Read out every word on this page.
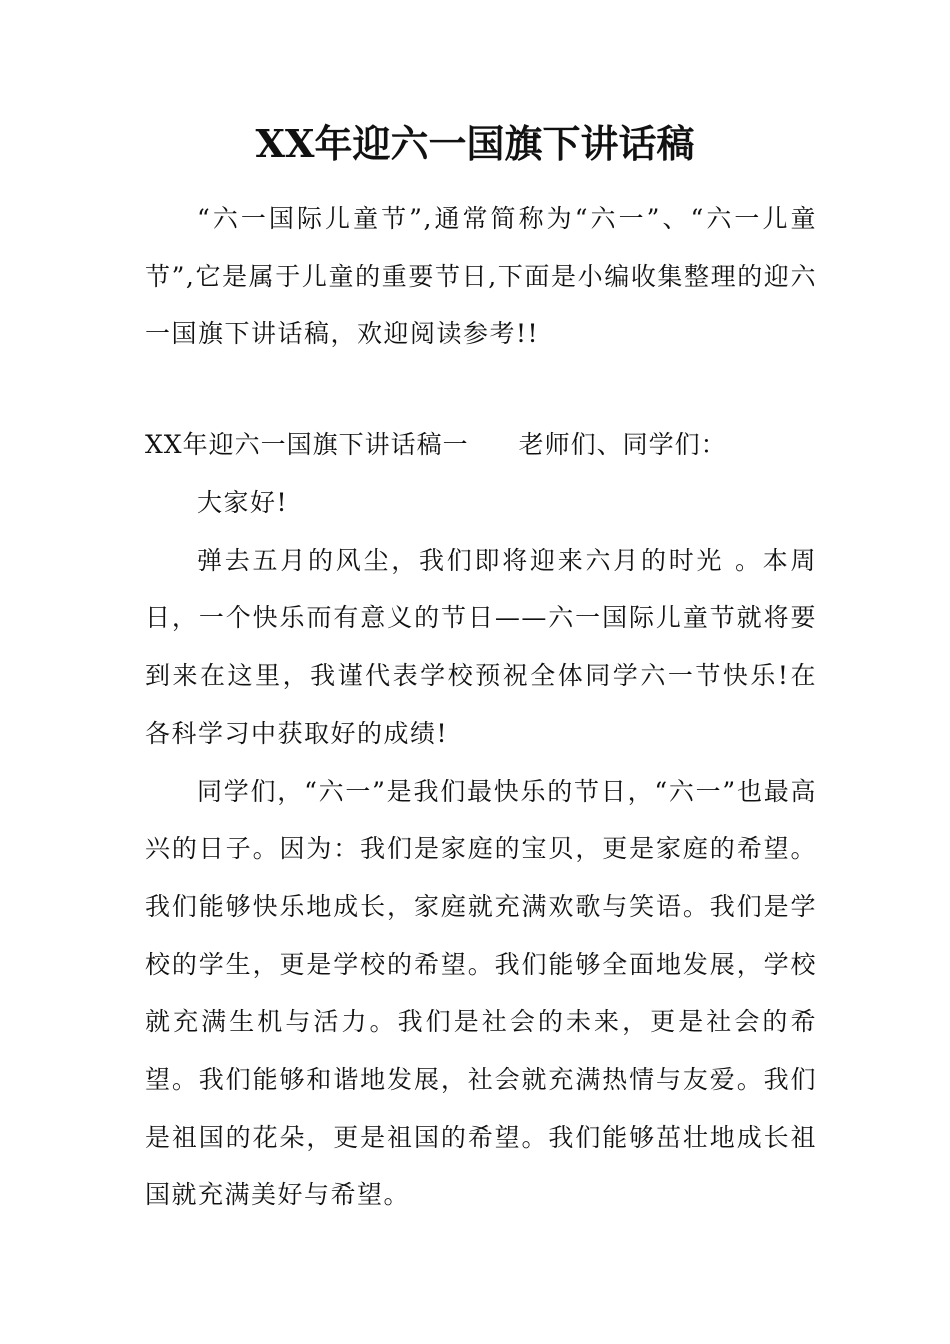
XX年迎六一国旗下讲话稿
“六一国际儿童节”,通常简称为“六一”、“六一儿童节”,它是属于儿童的重要节日,下面是小编收集整理的迎六一国旗下讲话稿，欢迎阅读参考!!
XX年迎六一国旗下讲话稿一 老师们、同学们：

大家好!

弹去五月的风尘，我们即将迎来六月的时光 。本周日，一个快乐而有意义的节日——六一国际儿童节就将要到来在这里，我谨代表学校预祝全体同学六一节快乐!在各科学习中获取好的成绩!

同学们，“六一”是我们最快乐的节日，“六一”也最高兴的日子。因为：我们是家庭的宝贝，更是家庭的希望。我们能够快乐地成长，家庭就充满欢歌与笑语。我们是学校的学生，更是学校的希望。我们能够全面地发展，学校就充满生机与活力。我们是社会的未来，更是社会的希望。我们能够和谐地发展，社会就充满热情与友爱。我们是祖国的花朵，更是祖国的希望。我们能够茁壮地成长祖国就充满美好与希望。
